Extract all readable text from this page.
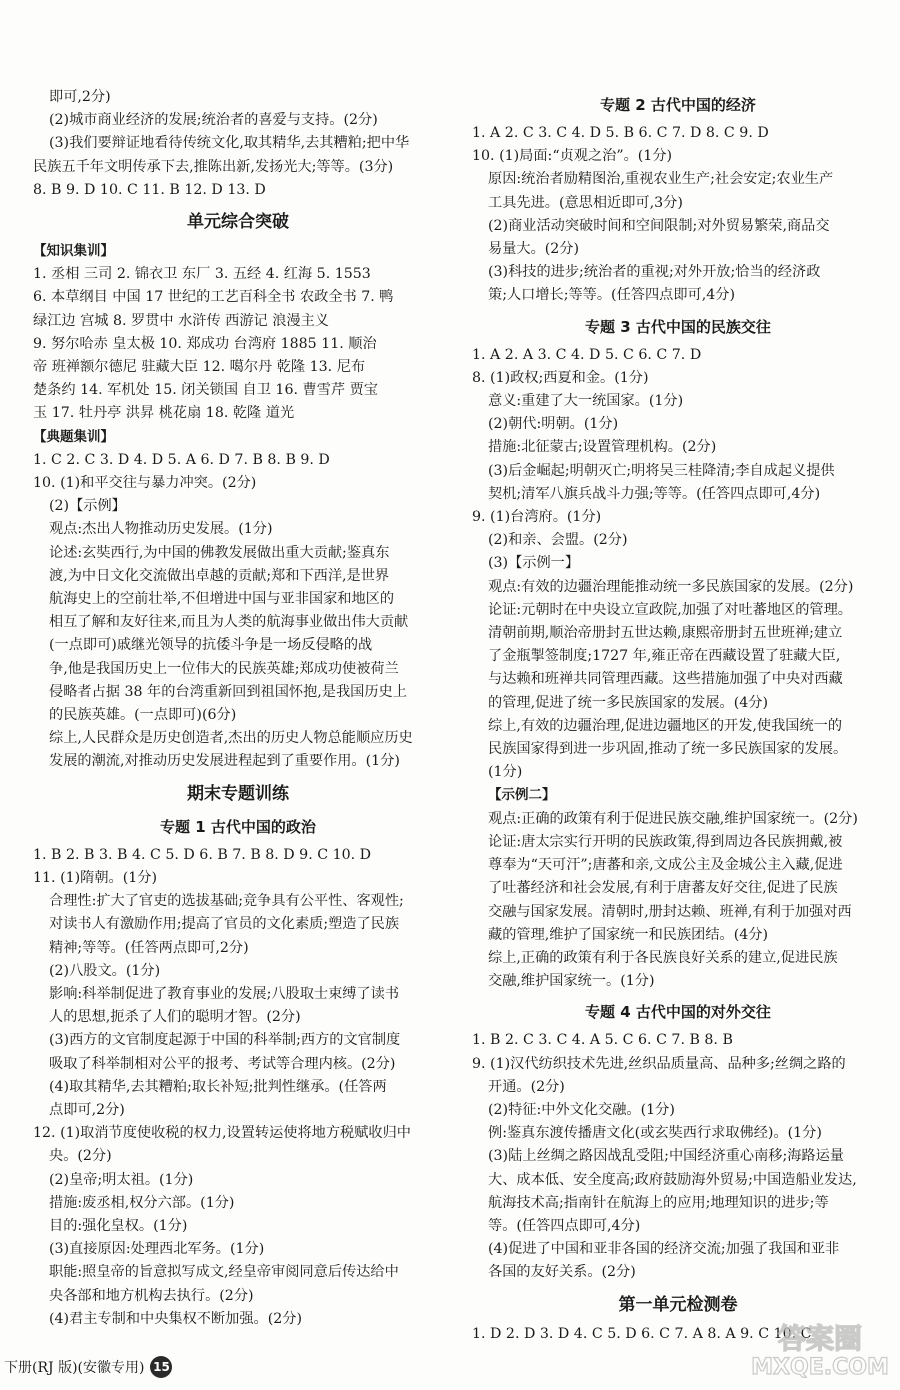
即可,2分)
(2)城市商业经济的发展;统治者的喜爱与支持。(2分)
(3)我们要辩证地看待传统文化,取其精华,去其糟粕;把中华
民族五千年文明传承下去,推陈出新,发扬光大;等等。(3分)
8. B 9. D 10. C 11. B 12. D 13. D
单元综合突破
【知识集训】
1. 丞相 三司 2. 锦衣卫 东厂 3. 五经 4. 红海 5. 1553
6. 本草纲目 中国 17 世纪的工艺百科全书 农政全书 7. 鸭
绿江边 宫城 8. 罗贯中 水浒传 西游记 浪漫主义
9. 努尔哈赤 皇太极 10. 郑成功 台湾府 1885 11. 顺治
帝 班禅额尔德尼 驻藏大臣 12. 噶尔丹 乾隆 13. 尼布
楚条约 14. 军机处 15. 闭关锁国 自卫 16. 曹雪芹 贾宝
玉 17. 牡丹亭 洪昇 桃花扇 18. 乾隆 道光
【典题集训】
1. C 2. C 3. D 4. D 5. A 6. D 7. B 8. B 9. D
10. (1)和平交往与暴力冲突。(2分)
(2)【示例】
观点:杰出人物推动历史发展。(1分)
论述:玄奘西行,为中国的佛教发展做出重大贡献;鉴真东
渡,为中日文化交流做出卓越的贡献;郑和下西洋,是世界
航海史上的空前壮举,不但增进中国与亚非国家和地区的
相互了解和友好往来,而且为人类的航海事业做出伟大贡献
(一点即可)戚继光领导的抗倭斗争是一场反侵略的战
争,他是我国历史上一位伟大的民族英雄;郑成功使被荷兰
侵略者占据 38 年的台湾重新回到祖国怀抱,是我国历史上
的民族英雄。(一点即可)(6分)
综上,人民群众是历史创造者,杰出的历史人物总能顺应历史
发展的潮流,对推动历史发展进程起到了重要作用。(1分)
期末专题训练
专题 1 古代中国的政治
1. B 2. B 3. B 4. C 5. D 6. B 7. B 8. D 9. C 10. D
11. (1)隋朝。(1分)
合理性:扩大了官吏的选拔基础;竞争具有公平性、客观性;
对读书人有激励作用;提高了官员的文化素质;塑造了民族
精神;等等。(任答两点即可,2分)
(2)八股文。(1分)
影响:科举制促进了教育事业的发展;八股取士束缚了读书
人的思想,扼杀了人们的聪明才智。(2分)
(3)西方的文官制度起源于中国的科举制;西方的文官制度
吸取了科举制相对公平的报考、考试等合理内核。(2分)
(4)取其精华,去其糟粕;取长补短;批判性继承。(任答两
点即可,2分)
12. (1)取消节度使收税的权力,设置转运使将地方税赋收归中
央。(2分)
(2)皇帝;明太祖。(1分)
措施:废丞相,权分六部。(1分)
目的:强化皇权。(1分)
(3)直接原因:处理西北军务。(1分)
职能:照皇帝的旨意拟写成文,经皇帝审阅同意后传达给中
央各部和地方机构去执行。(2分)
(4)君主专制和中央集权不断加强。(2分)
专题 2 古代中国的经济
1. A 2. C 3. C 4. D 5. B 6. C 7. D 8. C 9. D
10. (1)局面:“贞观之治”。(1分)
原因:统治者励精图治,重视农业生产;社会安定;农业生产
工具先进。(意思相近即可,3分)
(2)商业活动突破时间和空间限制;对外贸易繁荣,商品交
易量大。(2分)
(3)科技的进步;统治者的重视;对外开放;恰当的经济政
策;人口增长;等等。(任答四点即可,4分)
专题 3 古代中国的民族交往
1. A 2. A 3. C 4. D 5. C 6. C 7. D
8. (1)政权;西夏和金。(1分)
意义:重建了大一统国家。(1分)
(2)朝代:明朝。(1分)
措施:北征蒙古;设置管理机构。(2分)
(3)后金崛起;明朝灭亡;明将吴三桂降清;李自成起义提供
契机;清军八旗兵战斗力强;等等。(任答四点即可,4分)
9. (1)台湾府。(1分)
(2)和亲、会盟。(2分)
(3)【示例一】
观点:有效的边疆治理能推动统一多民族国家的发展。(2分)
论证:元朝时在中央设立宣政院,加强了对吐蕃地区的管理。
清朝前期,顺治帝册封五世达赖,康熙帝册封五世班禅;建立
了金瓶掣签制度;1727 年,雍正帝在西藏设置了驻藏大臣,
与达赖和班禅共同管理西藏。这些措施加强了中央对西藏
的管理,促进了统一多民族国家的发展。(4分)
综上,有效的边疆治理,促进边疆地区的开发,使我国统一的
民族国家得到进一步巩固,推动了统一多民族国家的发展。
(1分)
【示例二】
观点:正确的政策有利于促进民族交融,维护国家统一。(2分)
论证:唐太宗实行开明的民族政策,得到周边各民族拥戴,被
尊奉为“天可汗”;唐蕃和亲,文成公主及金城公主入藏,促进
了吐蕃经济和社会发展,有利于唐蕃友好交往,促进了民族
交融与国家发展。清朝时,册封达赖、班禅,有利于加强对西
藏的管理,维护了国家统一和民族团结。(4分)
综上,正确的政策有利于各民族良好关系的建立,促进民族
交融,维护国家统一。(1分)
专题 4 古代中国的对外交往
1. B 2. C 3. C 4. A 5. C 6. C 7. B 8. B
9. (1)汉代纺织技术先进,丝织品质量高、品种多;丝绸之路的
开通。(2分)
(2)特征:中外文化交融。(1分)
例:鉴真东渡传播唐文化(或玄奘西行求取佛经)。(1分)
(3)陆上丝绸之路因战乱受阻;中国经济重心南移;海路运量
大、成本低、安全度高;政府鼓励海外贸易;中国造船业发达,
航海技术高;指南针在航海上的应用;地理知识的进步;等
等。(任答四点即可,4分)
(4)促进了中国和亚非各国的经济交流;加强了我国和亚非
各国的友好关系。(2分)
第一单元检测卷
1. D 2. D 3. D 4. C 5. D 6. C 7. A 8. A 9. C 10. C
下册(RJ 版)(安徽专用) 15
答案圈
MXQE.COM
